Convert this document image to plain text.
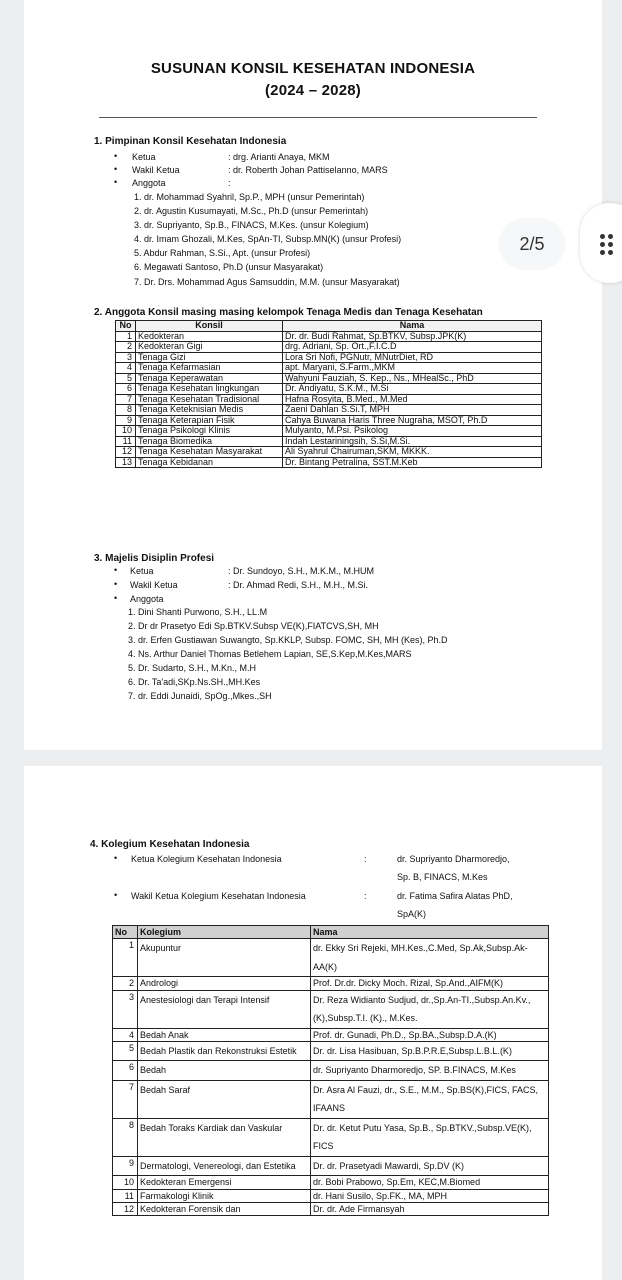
SUSUNAN KONSIL KESEHATAN INDONESIA
(2024 – 2028)
1. Pimpinan Konsil Kesehatan Indonesia
• Ketua	: drg. Arianti Anaya, MKM
• Wakil Ketua	: dr. Roberth Johan Pattiselanno, MARS
• Anggota	:
1. dr. Mohammad Syahril, Sp.P., MPH (unsur Pemerintah)
2. dr. Agustin Kusumayati, M.Sc., Ph.D (unsur Pemerintah)
3. dr. Supriyanto, Sp.B., FINACS, M.Kes. (unsur Kolegium)
4. dr. Imam Ghozali, M.Kes, SpAn-TI, Subsp.MN(K) (unsur Profesi)
5. Abdur Rahman, S.Si., Apt. (unsur Profesi)
6. Megawati Santoso, Ph.D (unsur Masyarakat)
7. Dr. Drs. Mohammad Agus Samsuddin, M.M. (unsur Masyarakat)
2. Anggota Konsil masing masing kelompok Tenaga Medis dan Tenaga Kesehatan
No	Konsil	Nama
1	Kedokteran	Dr. dr. Budi Rahmat, Sp.BTKV, Subsp.JPK(K)
2	Kedokteran Gigi	drg. Adriani, Sp. Ort.,F.I.C.D
3	Tenaga Gizi	Lora Sri Nofi, PGNutr, MNutrDiet, RD
4	Tenaga Kefarmasian	apt. Maryani, S.Farm.,MKM
5	Tenaga Keperawatan	Wahyuni Fauziah, S. Kep., Ns., MHealSc., PhD
6	Tenaga Kesehatan lingkungan	Dr. Andiyatu, S.K.M., M.Si
7	Tenaga Kesehatan Tradisional	Hafna Rosyita, B.Med., M.Med
8	Tenaga Keteknisian Medis	Zaeni Dahlan S.Si.T, MPH
9	Tenaga Keterapian Fisik	Cahya Buwana Haris Three Nugraha, MSOT, Ph.D
10	Tenaga Psikologi Klinis	Mulyanto, M.Psi. Psikolog
11	Tenaga Biomedika	Indah Lestariningsih, S.Si,M.Si.
12	Tenaga Kesehatan Masyarakat	Ali Syahrul Chairuman,SKM, MKKK.
13	Tenaga Kebidanan	Dr. Bintang Petralina, SST.M.Keb
3. Majelis Disiplin Profesi
• Ketua	: Dr. Sundoyo, S.H., M.K.M., M.HUM
• Wakil Ketua	: Dr. Ahmad Redi, S.H., M.H., M.Si.
• Anggota
1. Dini Shanti Purwono, S.H., LL.M
2. Dr dr Prasetyo Edi Sp.BTKV.Subsp VE(K),FIATCVS,SH, MH
3. dr. Erfen Gustiawan Suwangto, Sp.KKLP, Subsp. FOMC, SH, MH (Kes), Ph.D
4. Ns. Arthur Daniel Thomas Betlehem Lapian, SE,S.Kep,M.Kes,MARS
5. Dr. Sudarto, S.H., M.Kn., M.H
6. Dr. Ta'adi,SKp.Ns.SH.,MH.Kes
7. dr. Eddi Junaidi, SpOg.,Mkes.,SH
4. Kolegium Kesehatan Indonesia
• Ketua Kolegium Kesehatan Indonesia	:	dr. Supriyanto Dharmoredjo,
Sp. B, FINACS, M.Kes
• Wakil Ketua Kolegium Kesehatan Indonesia	:	dr. Fatima Safira Alatas PhD,
SpA(K)
No	Kolegium	Nama
1	Akupuntur	dr. Ekky Sri Rejeki, MH.Kes.,C.Med, Sp.Ak,Subsp.Ak-AA(K)
2	Andrologi	Prof. Dr.dr. Dicky Moch. Rizal, Sp.And.,AIFM(K)
3	Anestesiologi dan Terapi Intensif	Dr. Reza Widianto Sudjud, dr.,Sp.An-TI.,Subsp.An.Kv., (K),Subsp.T.I. (K)., M.Kes.
4	Bedah Anak	Prof. dr. Gunadi, Ph.D., Sp.BA.,Subsp.D.A.(K)
5	Bedah Plastik dan Rekonstruksi Estetik	Dr. dr. Lisa Hasibuan, Sp.B.P.R.E,Subsp.L.B.L.(K)
6	Bedah	dr. Supriyanto Dharmoredjo, SP. B.FINACS, M.Kes
7	Bedah Saraf	Dr. Asra Al Fauzi, dr., S.E., M.M., Sp.BS(K),FICS, FACS, IFAANS
8	Bedah Toraks Kardiak dan Vaskular	Dr. dr. Ketut Putu Yasa, Sp.B., Sp.BTKV.,Subsp.VE(K), FICS
9	Dermatologi, Venereologi, dan Estetika	Dr. dr. Prasetyadi Mawardi, Sp.DV (K)
10	Kedokteran Emergensi	dr. Bobi Prabowo, Sp.Em, KEC,M.Biomed
11	Farmakologi Klinik	dr. Hani Susilo, Sp.FK., MA, MPH
12	Kedokteran Forensik dan	Dr. dr. Ade Firmansyah
2/5
